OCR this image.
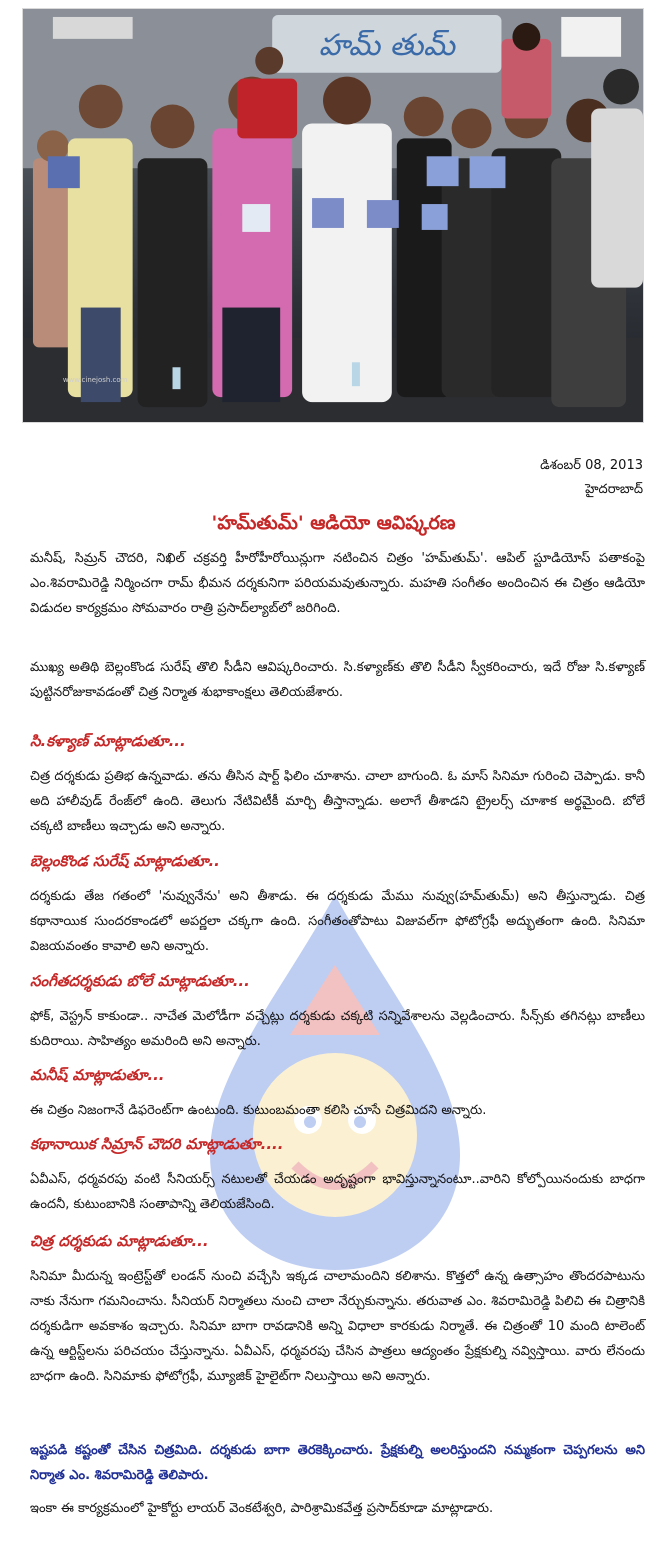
హమ్ తుమ్
www.cinejosh.com
డిశంబర్ 08, 2013
హైదరాబాద్
'హమ్‌తుమ్' ఆడియో ఆవిష్కరణ
మనీష్, సిమ్రన్ చౌదరి, నిఖిల్ చక్రవర్తి హీరోహీరోయిన్లుగా నటించిన చిత్రం 'హమ్‌తుమ్'. ఆపిల్ స్టూడియోస్ పతాకంపై ఎం.శివరామిరెడ్డి నిర్మించగా రామ్ భీమన దర్శకునిగా పరియమవుతున్నారు. మహతి సంగీతం అందించిన ఈ చిత్రం ఆడియో విడుదల కార్యక్రమం సోమవారం రాత్రి ప్రసాద్‌ల్యాబ్‌లో జరిగింది.
ముఖ్య అతిథి బెల్లంకొండ సురేష్ తొలి సీడీని ఆవిష్కరించారు. సి.కళ్యాణ్‌కు తొలి సీడీని స్వీకరించారు, ఇదే రోజు సి.కళ్యాణ్ పుట్టినరోజుకావడంతో చిత్ర నిర్మాత శుభాకాంక్షలు తెలియజేశారు.
సి.కళ్యాణ్ మాట్లాడుతూ...
చిత్ర దర్శకుడు ప్రతిభ ఉన్నవాడు. తను తీసిన షార్ట్ ఫిలిం చూశాను. చాలా బాగుంది. ఓ మాస్ సినిమా గురించి చెప్పాడు. కానీ అది హాలీవుడ్ రేంజ్‌లో ఉంది. తెలుగు నేటివిటీకీ మార్చి తీస్తాన్నాడు. అలాగే తీశాడని ట్రైలర్స్ చూశాక అర్థమైంది. బోలే చక్కటి బాణీలు ఇచ్చాడు అని అన్నారు.
బెల్లంకొండ సురేష్ మాట్లాడుతూ..
దర్శకుడు తేజ గతంలో 'నువ్వునేను' అని తీశాడు. ఈ దర్శకుడు మేము నువ్వు(హమ్‌తుమ్) అని తీస్తున్నాడు. చిత్ర కథానాయిక సుందరకాండలో అపర్ణలా చక్కగా ఉంది. సంగీతంతోపాటు విజువల్‌గా ఫోటోగ్రఫీ అద్భుతంగా ఉంది. సినిమా విజయవంతం కావాలి అని అన్నారు.
సంగీతదర్శకుడు బోలే మాట్లాడుతూ...
ఫోక్, వెస్ట్రన్ కాకుండా.. నాచేత మెలోడీగా వచ్చేట్లు దర్శకుడు చక్కటి సన్నివేశాలను వెల్లడించారు. సీన్స్‌కు తగినట్లు బాణీలు కుదిరాయి. సాహిత్యం అమరింది అని అన్నారు.
మనీష్ మాట్లాడుతూ...
ఈ చిత్రం నిజంగానే డిఫరెంట్‌గా ఉంటుంది. కుటుంబమంతా కలిసి చూసే చిత్రమిదని అన్నారు.
కథానాయిక సిమ్రాన్ చౌదరి మాట్లాడుతూ....
ఏవీఎస్, ధర్మవరపు వంటి సీనియర్స్ నటులతో చేయడం అదృష్టంగా భావిస్తున్నానంటూ..వారిని కోల్పోయినందుకు బాధగా ఉందనీ, కుటుంబానికి సంతాపాన్ని తెలియజేసింది.
చిత్ర దర్శకుడు మాట్లాడుతూ...
సినిమా మీదున్న ఇంట్రెస్ట్‌తో లండన్ నుంచి వచ్చేసి ఇక్కడ చాలామందిని కలిశాను. కొత్తలో ఉన్న ఉత్సాహం తొందరపాటును నాకు నేనుగా గమనించాను. సీనియర్ నిర్మాతలు నుంచి చాలా నేర్చుకున్నాను. తరువాత ఎం. శివరామిరెడ్డి పిలిచి ఈ చిత్రానికి దర్శకుడిగా అవకాశం ఇచ్చారు. సినిమా బాగా రావడానికి అన్ని విధాలా కారకుడు నిర్మాతే. ఈ చిత్రంతో 10 మంది టాలెంట్ ఉన్న ఆర్టిస్ట్‌లను పరిచయం చేస్తున్నాను. ఏవీఎస్, ధర్మవరపు చేసిన పాత్రలు ఆద్యంతం ప్రేక్షకుల్ని నవ్విస్తాయి. వారు లేనందు బాధగా ఉంది. సినిమాకు ఫోటోగ్రఫీ, మ్యూజిక్ హైలైట్‌గా నిలుస్తాయి అని అన్నారు.
ఇష్టపడి కష్టంతో చేసిన చిత్రమిది. దర్శకుడు బాగా తెరకెక్కించారు. ప్రేక్షకుల్ని అలరిస్తుందని నమ్మకంగా చెప్పగలను అని నిర్మాత ఎం. శివరామిరెడ్డి తెలిపారు.
ఇంకా ఈ కార్యక్రమంలో హైకోర్టు లాయర్ వెంకటేశ్వరి, పారిశ్రామికవేత్త ప్రసాద్‌కూడా మాట్లాడారు.
